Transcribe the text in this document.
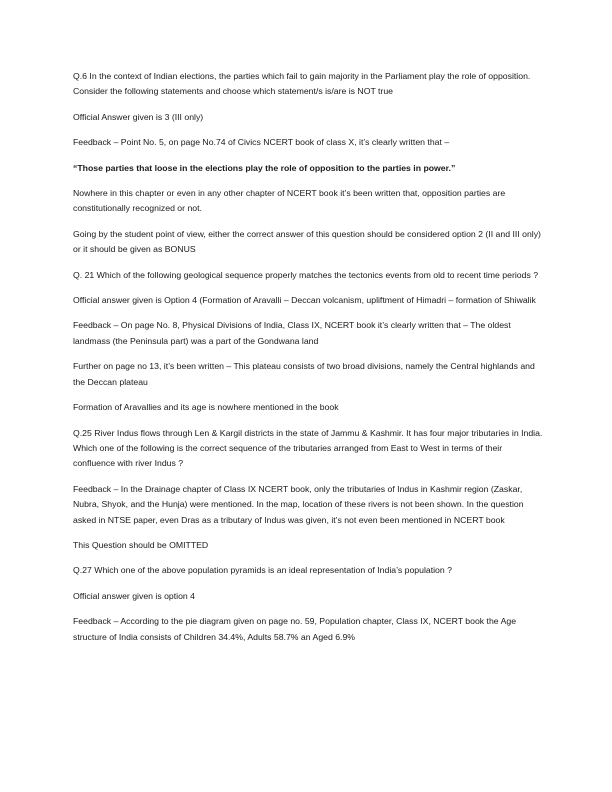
Q.6 In the context of Indian elections, the parties which fail to gain majority in the Parliament play the role of opposition. Consider the following statements and choose which statement/s is/are is NOT true

Official Answer given is 3 (III only)

Feedback – Point No. 5, on page No.74 of Civics NCERT book of class X, it’s clearly written that –

“Those parties that loose in the elections play the role of opposition to the parties in power.”

Nowhere in this chapter or even in any other chapter of NCERT book it’s been written that, opposition parties are constitutionally recognized or not.

Going by the student point of view, either the correct answer of this question should be considered option 2 (II and III only) or it should be given as BONUS

Q. 21 Which of the following geological sequence properly matches the tectonics events from old to recent time periods ?

Official answer given is Option 4 (Formation of Aravalli – Deccan volcanism, upliftment of Himadri – formation of Shiwalik

Feedback – On page No. 8, Physical Divisions of India, Class IX, NCERT book it’s clearly written that – The oldest landmass (the Peninsula part) was a part of the Gondwana land

Further on page no 13, it’s been written – This plateau consists of two broad divisions, namely the Central highlands and the Deccan plateau

Formation of Aravallies and its age is nowhere mentioned in the book

Q.25 River Indus flows through Len & Kargil districts in the state of Jammu & Kashmir. It has four major tributaries in India. Which one of the following is the correct sequence of the tributaries arranged from East to West in terms of their confluence with river Indus ?

Feedback – In the Drainage chapter of Class IX NCERT book, only the tributaries of Indus in Kashmir region (Zaskar, Nubra, Shyok, and the Hunja) were mentioned. In the map, location of these rivers is not been shown. In the question asked in NTSE paper, even Dras as a tributary of Indus was given, it’s not even been mentioned in NCERT book

This Question should be OMITTED

Q.27 Which one of the above population pyramids is an ideal representation of India’s population ?

Official answer given is option 4

Feedback – According to the pie diagram given on page no. 59, Population chapter, Class IX, NCERT book the Age structure of India consists of Children 34.4%, Adults 58.7% an Aged 6.9%
